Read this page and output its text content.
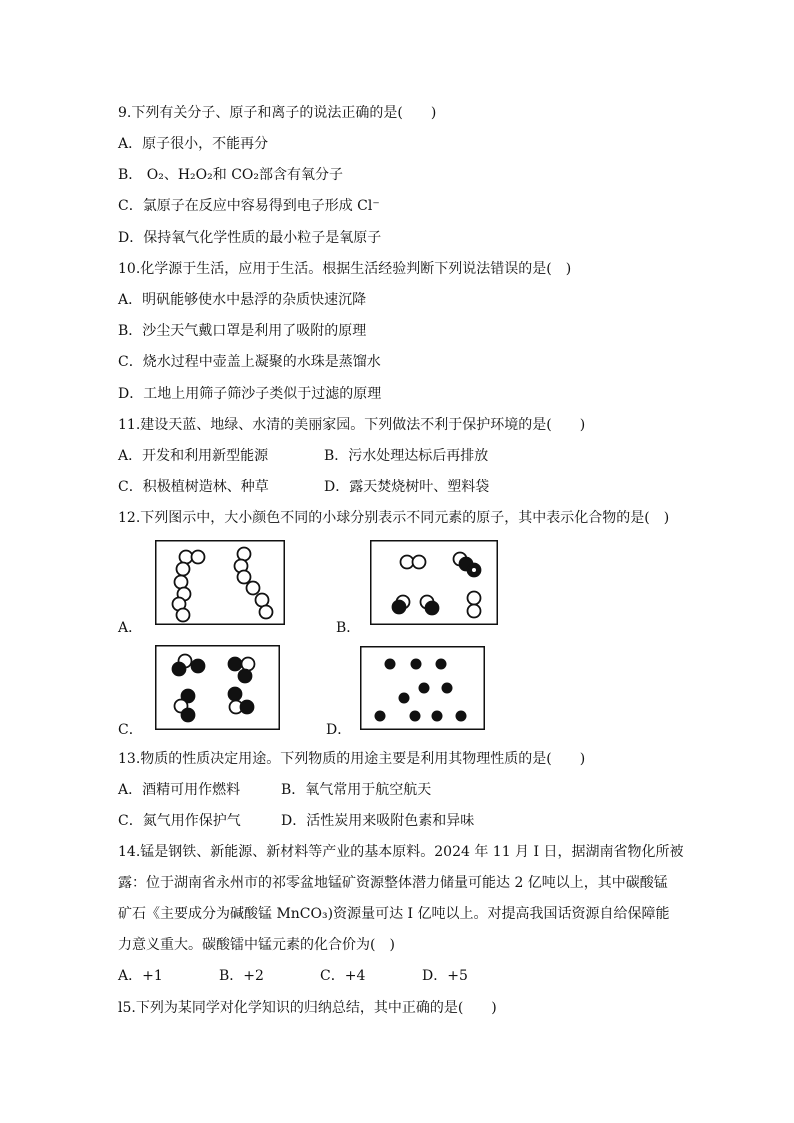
9.下列有关分子、原子和离子的说法正确的是(　　)
A．原子很小，不能再分
B． O₂、H₂O₂和 CO₂部含有氧分子
C．氯原子在反应中容易得到电子形成 Cl⁻
D．保持氧气化学性质的最小粒子是氧原子
10.化学源于生活，应用于生活。根据生活经验判断下列说法错误的是(　)
A．明矾能够使水中悬浮的杂质快速沉降
B．沙尘天气戴口罩是利用了吸附的原理
C．烧水过程中壶盖上凝聚的水珠是蒸馏水
D．工地上用筛子筛沙子类似于过滤的原理
11.建设天蓝、地绿、水清的美丽家园。下列做法不利于保护环境的是(　　)
A．开发和利用新型能源	B．污水处理达标后再排放
C．积极植树造林、种草	D．露天焚烧树叶、塑料袋
12.下列图示中，大小颜色不同的小球分别表示不同元素的原子，其中表示化合物的是(　)
A．	B．
C．	D．
13.物质的性质决定用途。下列物质的用途主要是利用其物理性质的是(　　)
A．酒精可用作燃料	B．氧气常用于航空航天
C．氮气用作保护气	D．活性炭用来吸附色素和异味
14.锰是钢铁、新能源、新材料等产业的基本原料。2024 年 11 月 I 日，据湖南省物化所被
露：位于湖南省永州市的祁零盆地锰矿资源整体潜力储量可能达 2 亿吨以上，其中碳酸锰
矿石《主要成分为碱酸锰 MnCO₃)资源量可达 I 亿吨以上。对提高我国话资源自给保障能
力意义重大。碳酸镭中锰元素的化合价为(　)
A．+1	B．+2	C．+4	D．+5
l5.下列为某同学对化学知识的归纳总结，其中正确的是(　　)
